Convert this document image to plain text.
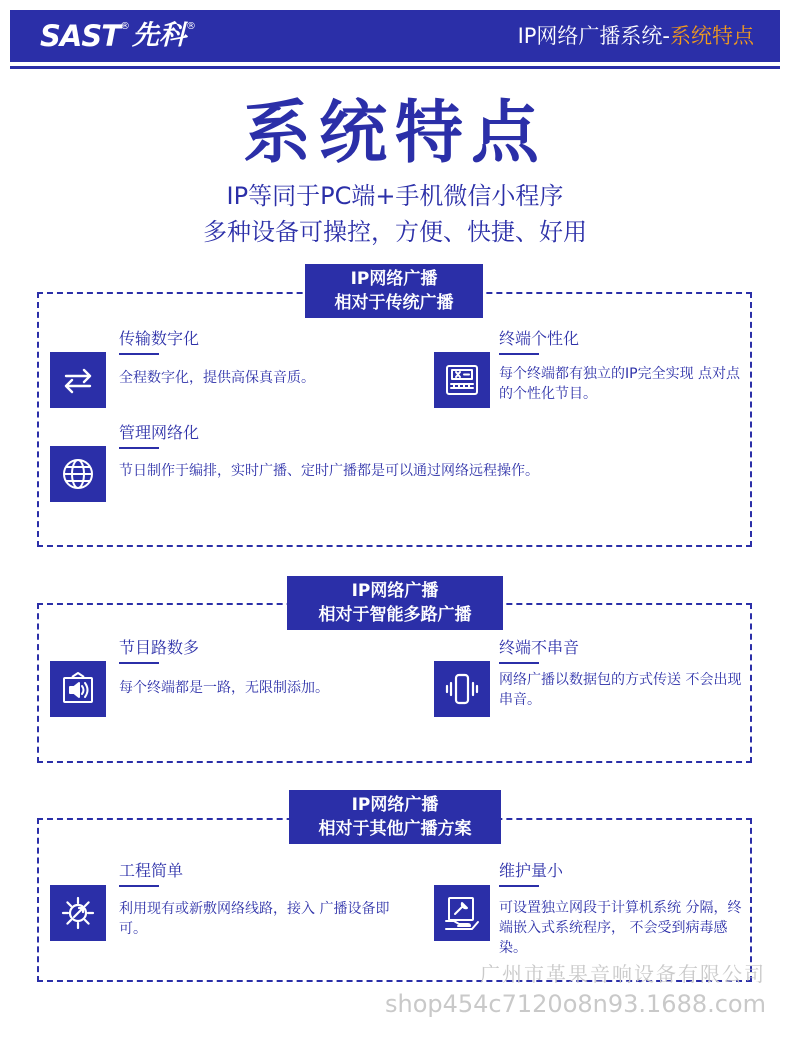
SAST ® 先科 ®	IP网络广播系统-系统特点
系统特点
IP等同于PC端+手机微信小程序
多种设备可操控，方便、快捷、好用
IP网络广播
相对于传统广播
传输数字化
全程数字化，提供高保真音质。
终端个性化
每个终端都有独立的IP完全实现 点对点的个性化节目。
管理网络化
节日制作于编排，实时广播、定时广播都是可以通过网络远程操作。
IP网络广播
相对于智能多路广播
节目路数多
每个终端都是一路，无限制添加。
终端不串音
网络广播以数据包的方式传送 不会出现串音。
IP网络广播
相对于其他广播方案
工程简单
利用现有或新敷网络线路，接入 广播设备即可。
维护量小
可设置独立网段于计算机系统 分隔，终端嵌入式系统程序， 不会受到病毒感染。
广州市革果音响设备有限公司
shop454c7120o8n93.1688.com
